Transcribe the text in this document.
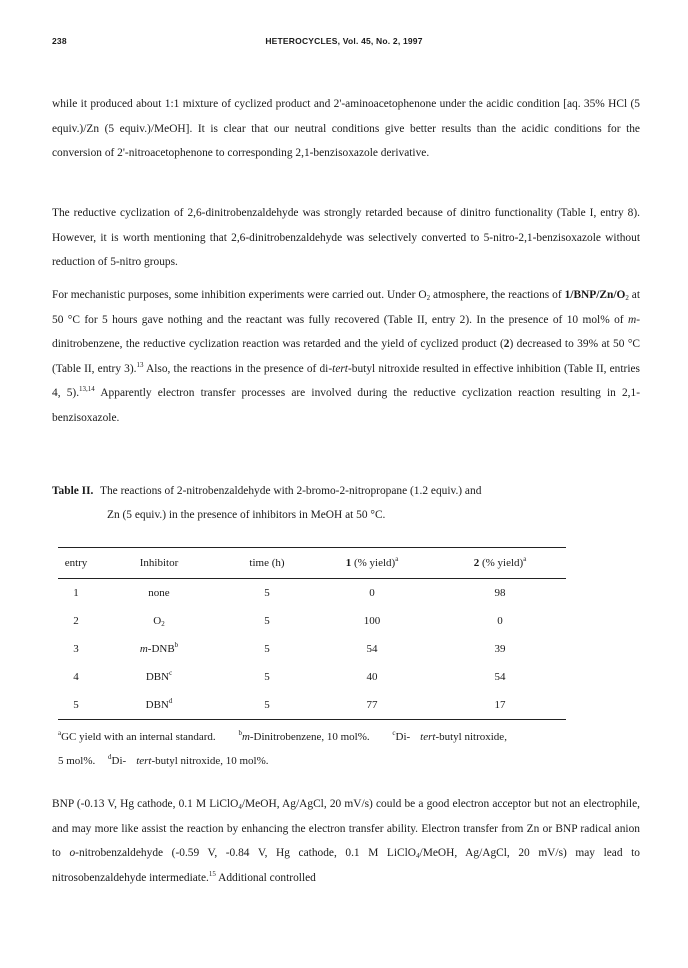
238	HETEROCYCLES, Vol. 45, No. 2, 1997

while it produced about 1:1 mixture of cyclized product and 2'-aminoacetophenone under the acidic condition [aq. 35% HCl (5 equiv.)/Zn (5 equiv.)/MeOH]. It is clear that our neutral conditions give better results than the acidic conditions for the conversion of 2'-nitroacetophenone to corresponding 2,1-benzisoxazole derivative.

The reductive cyclization of 2,6-dinitrobenzaldehyde was strongly retarded because of dinitro functionality (Table I, entry 8). However, it is worth mentioning that 2,6-dinitrobenzaldehyde was selectively converted to 5-nitro-2,1-benzisoxazole without reduction of 5-nitro groups.

For mechanistic purposes, some inhibition experiments were carried out. Under $O_2$ atmosphere, the reactions of $1/BNP/Zn/O_2$ at 50 °C for 5 hours gave nothing and the reactant was fully recovered (Table II, entry 2). In the presence of 10 mol% of m-dinitrobenzene, the reductive cyclization reaction was retarded and the yield of cyclized product (2) decreased to 39% at 50 °C (Table II, entry 3).$^{13}$ Also, the reactions in the presence of di-tert-butyl nitroxide resulted in effective inhibition (Table II, entries 4, 5).$^{13,14}$ Apparently electron transfer processes are involved during the reductive cyclization reaction resulting in 2,1-benzisoxazole.

Table II. The reactions of 2-nitrobenzaldehyde with 2-bromo-2-nitropropane (1.2 equiv.) and
Zn (5 equiv.) in the presence of inhibitors in MeOH at 50 °C.
entry	Inhibitor	time (h)	1 (% yield)$^a$	2 (% yield)$^a$
1	none	5	0	98
2	$O_2$	5	100	0
3	m-DNB$^b$	5	54	39
4	DBN$^c$	5	40	54
5	DBN$^d$	5	77	17
$^a$GC yield with an internal standard.	$^b$m-Dinitrobenzene, 10 mol%.	$^c$Di- tert-butyl nitroxide,
5 mol%. $^d$Di- tert-butyl nitroxide, 10 mol%.

BNP (-0.13 V, Hg cathode, 0.1 M LiClO$_4$/MeOH, Ag/AgCl, 20 mV/s) could be a good electron acceptor but not an electrophile, and may more like assist the reaction by enhancing the electron transfer ability. Electron transfer from Zn or BNP radical anion to o-nitrobenzaldehyde (-0.59 V, -0.84 V, Hg cathode, 0.1 M LiClO$_4$/MeOH, Ag/AgCl, 20 mV/s) may lead to nitrosobenzaldehyde intermediate.$^{15}$ Additional controlled
